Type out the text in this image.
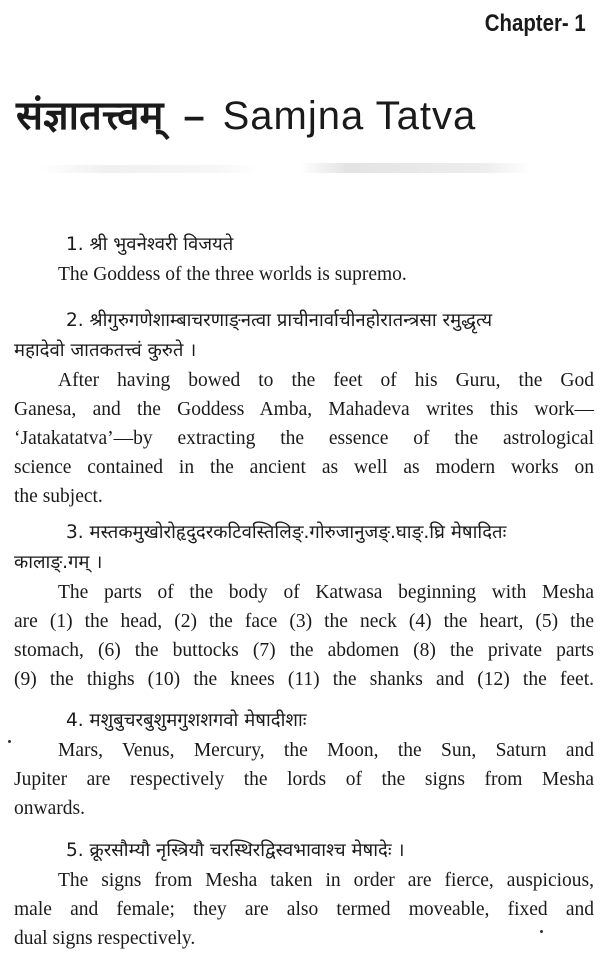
Chapter- 1
संज्ञातत्त्वम् – Samjna Tatva
1. श्री भुवनेश्वरी विजयते
The Goddess of the three worlds is supremo.
2. श्रीगुरुगणेशाम्बाचरणाङ्नत्वा प्राचीनार्वाचीनहोरातन्त्रसा रमुद्धृत्य
महादेवो जातकतत्त्वं कुरुते ।
After having bowed to the feet of his Guru, the God
Ganesa, and the Goddess Amba, Mahadeva writes this work—
‘Jatakatatva’—by extracting the essence of the astrological
science contained in the ancient as well as modern works on
the subject.
3. मस्तकमुखोरोहृदुदरकटिवस्तिलिङ्.गोरुजानुजङ्.घाङ्.घ्रि मेषादितः
कालाङ्.गम् ।
The parts of the body of Katwasa beginning with Mesha
are (1) the head, (2) the face (3) the neck (4) the heart, (5) the
stomach, (6) the buttocks (7) the abdomen (8) the private parts
(9) the thighs (10) the knees (11) the shanks and (12) the feet.
4. मशुबुचरबुशुमगुशशगवो मेषादीशाः
Mars, Venus, Mercury, the Moon, the Sun, Saturn and
Jupiter are respectively the lords of the signs from Mesha
onwards.
5. क्रूरसौम्यौ नृस्त्रियौ चरस्थिरद्विस्वभावाश्च मेषादेः ।
The signs from Mesha taken in order are fierce, auspicious,
male and female; they are also termed moveable, fixed and
dual signs respectively.
